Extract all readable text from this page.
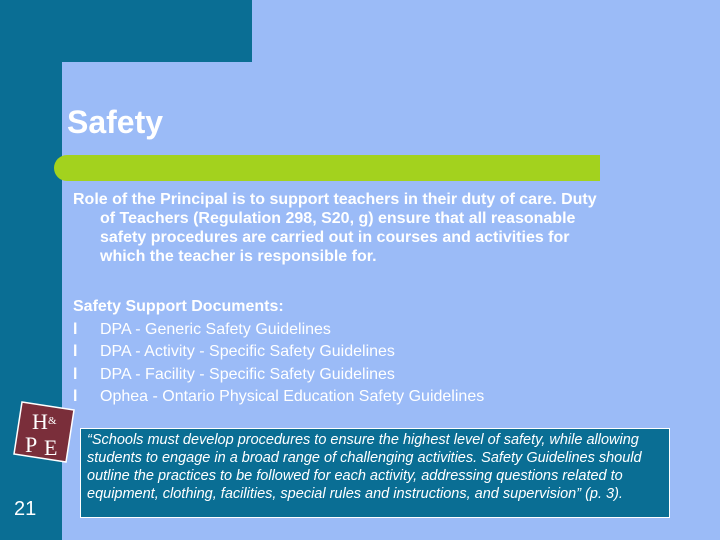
Safety
Role of the Principal is to support teachers in their duty of care. Duty
of Teachers (Regulation 298, S20, g) ensure that all reasonable
safety procedures are carried out in courses and activities for
which the teacher is responsible for.
Safety Support Documents:
l	DPA - Generic Safety Guidelines
l	DPA - Activity - Specific Safety Guidelines
l	DPA - Facility - Specific Safety Guidelines
l	Ophea - Ontario Physical Education Safety Guidelines
“Schools must develop procedures to ensure the highest level of safety, while allowing students to engage in a broad range of challenging activities. Safety Guidelines should outline the practices to be followed for each activity, addressing questions related to equipment, clothing, facilities, special rules and instructions, and supervision” (p. 3).
H &
P E
21
